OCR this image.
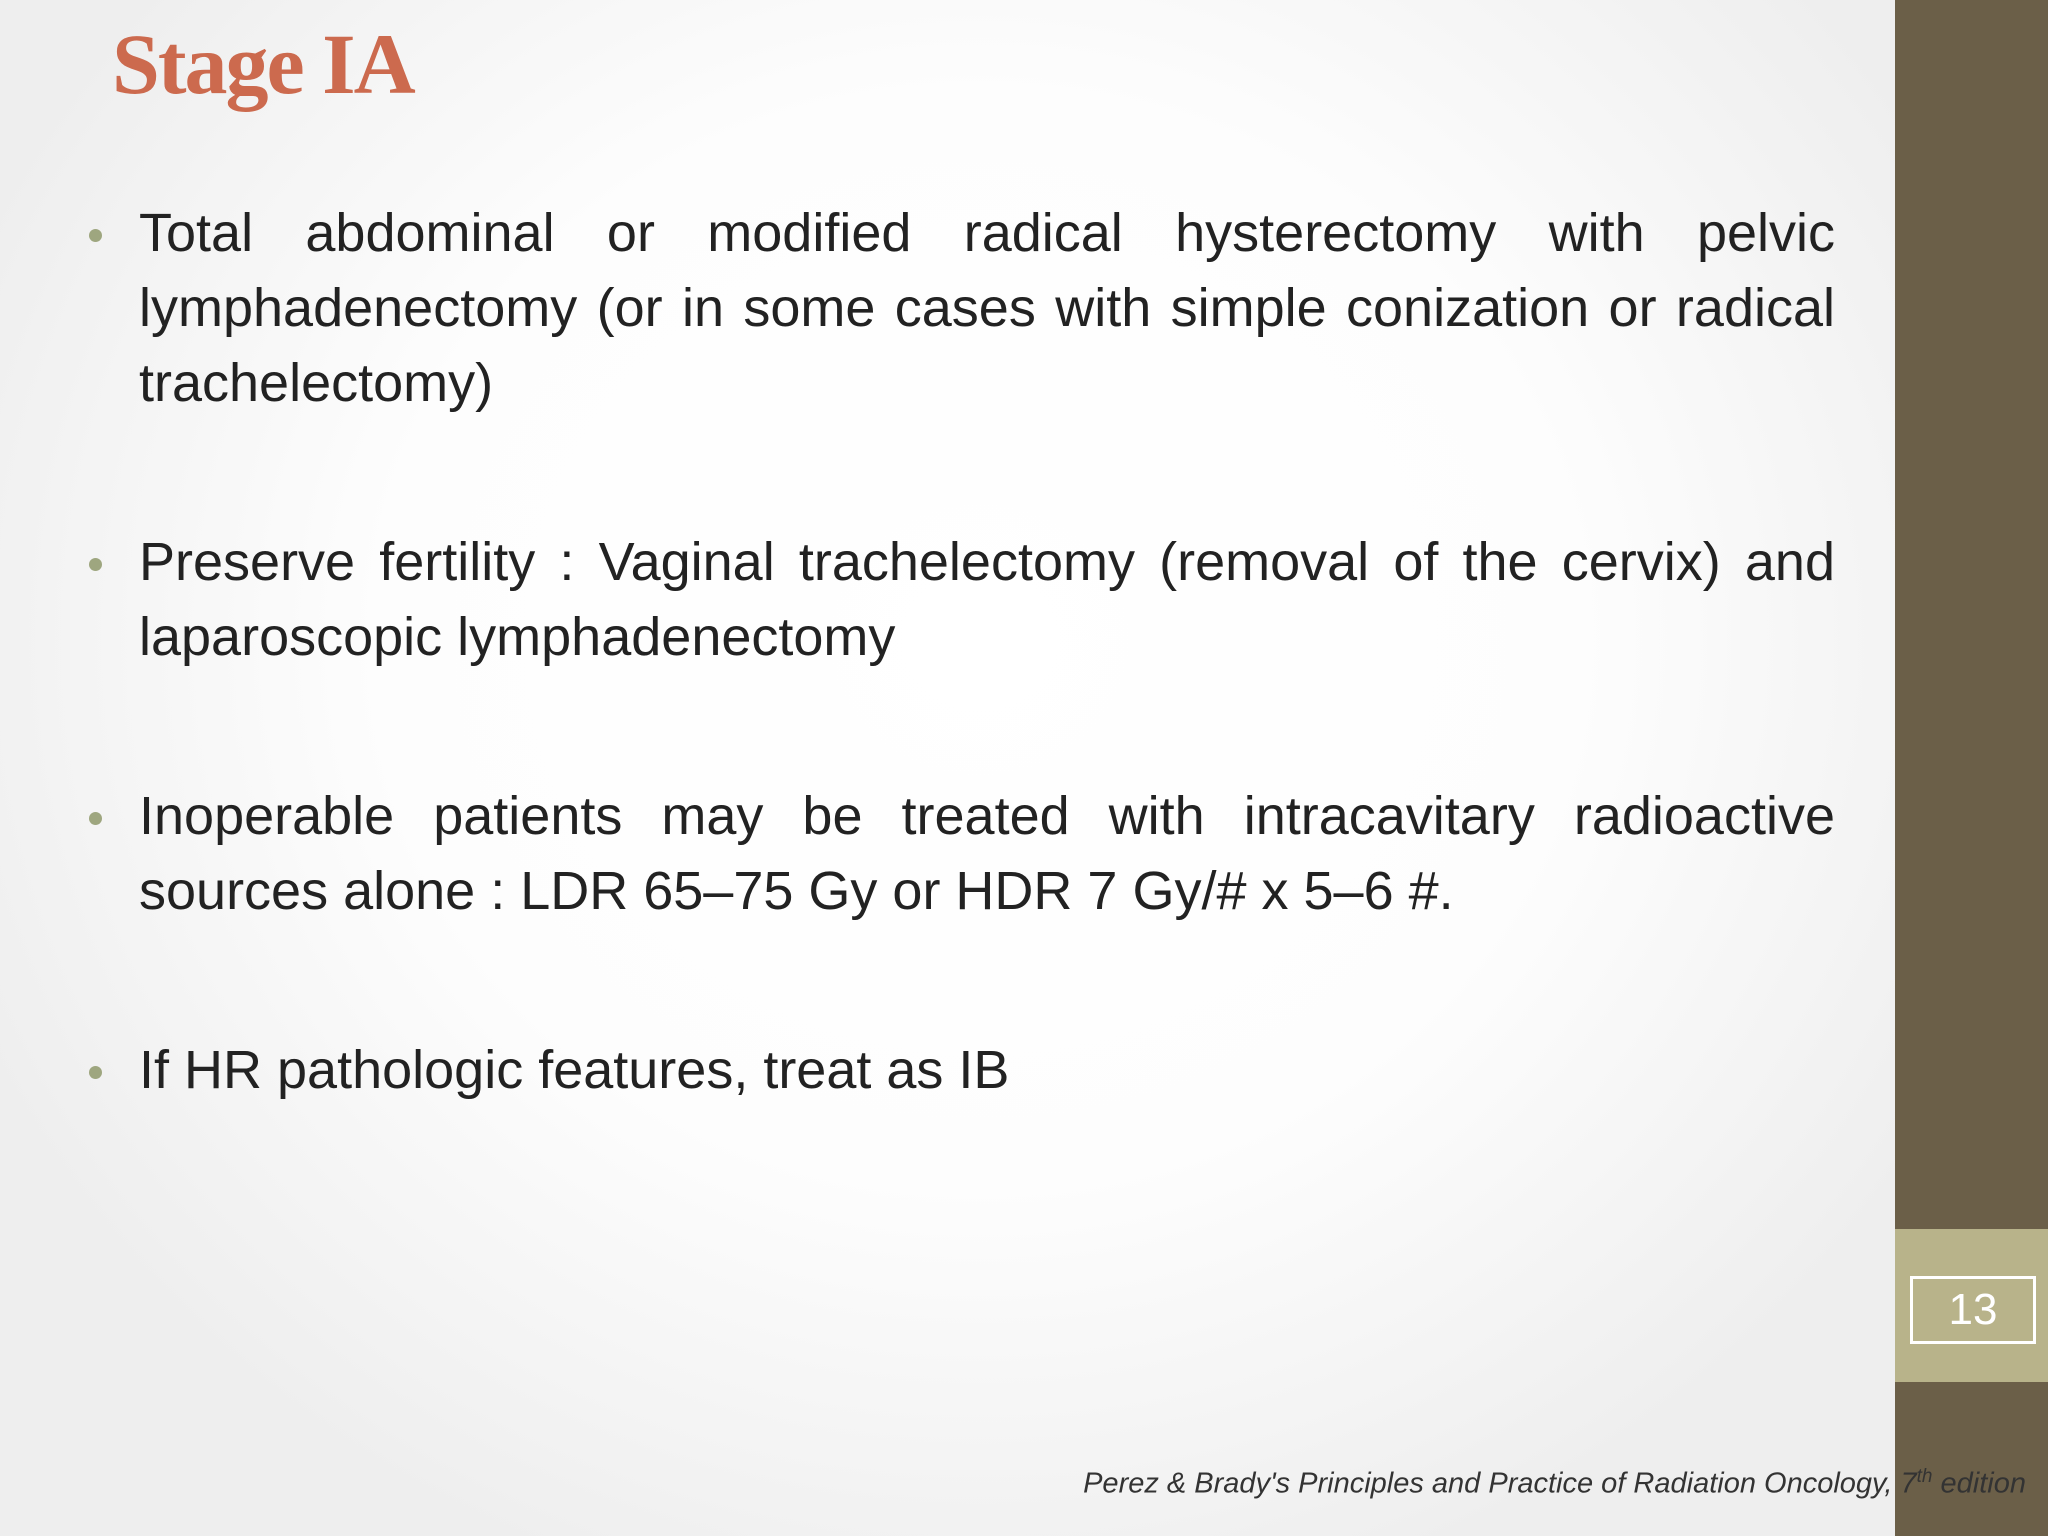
Stage IA
Total abdominal or modified radical hysterectomy with pelvic lymphadenectomy (or in some cases with simple conization or radical trachelectomy)
Preserve fertility : Vaginal trachelectomy (removal of the cervix) and laparoscopic lymphadenectomy
Inoperable patients may be treated with intracavitary radioactive sources alone : LDR 65–75 Gy or HDR 7 Gy/# x 5–6 #.
If HR pathologic features, treat as IB
13
Perez & Brady's Principles and Practice of Radiation Oncology, 7th edition
